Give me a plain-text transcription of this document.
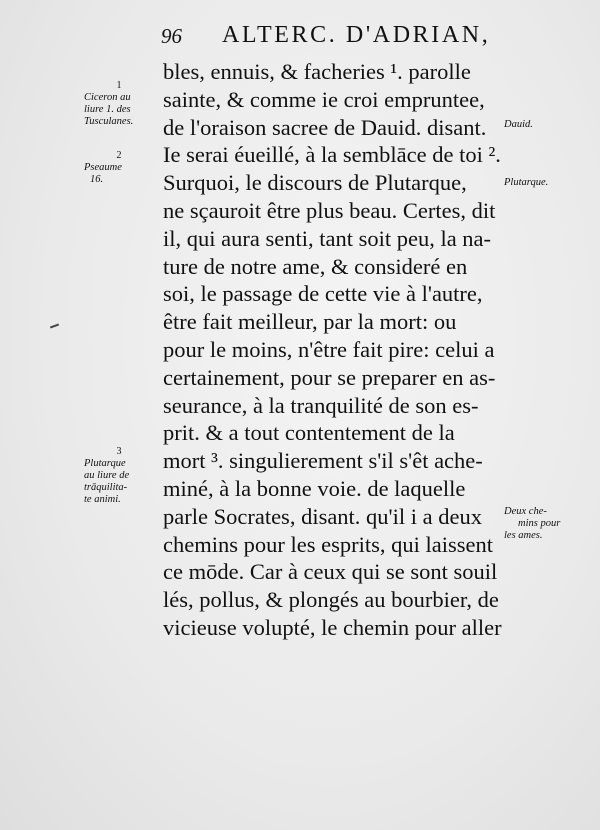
96 ALTERC. D'ADRIAN,
1
Ciceron au
liure 1. des
Tusculanes.
2
Pseaume
16.
3
Plutarque
au liure de
trāquilita-
te animi.
bles, ennuis, & facheries ¹. parolle
sainte, & comme ie croi empruntee,
de l'oraison sacree de Dauid. disant.
Ie serai éueillé, à la semblāce de toi ².
Surquoi, le discours de Plutarque,
ne sçauroit être plus beau. Certes, dit
il, qui aura senti, tant soit peu, la na-
ture de notre ame, & consideré en
soi, le passage de cette vie à l'autre,
être fait meilleur, par la mort: ou
pour le moins, n'être fait pire: celui a
certainement, pour se preparer en as-
seurance, à la tranquilité de son es-
prit. & a tout contentement de la
mort ³. singulierement s'il s'êt ache-
miné, à la bonne voie. de laquelle
parle Socrates, disant. qu'il i a deux
chemins pour les esprits, qui laissent
ce mōde. Car à ceux qui se sont souil
lés, pollus, & plongés au bourbier, de
vicieuse volupté, le chemin pour aller
Dauid.
Plutarque.
Deux che-
mins pour
les ames.
